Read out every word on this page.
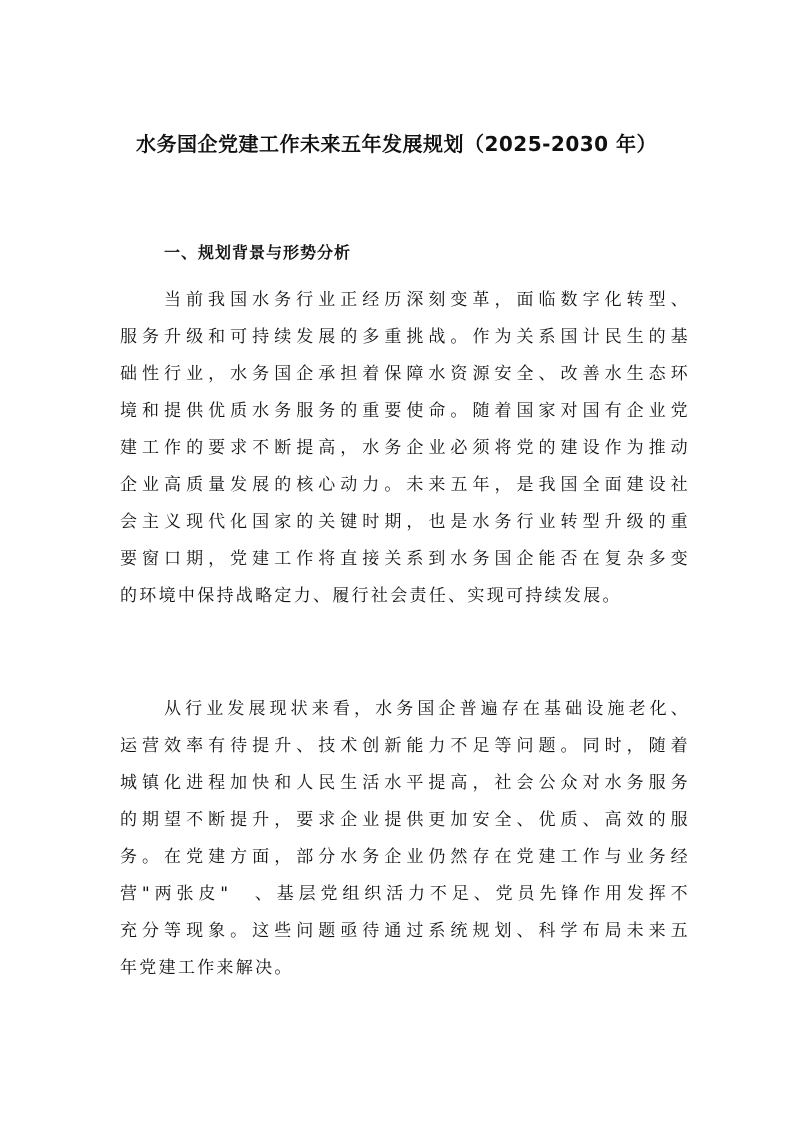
水务国企党建工作未来五年发展规划（2025-2030 年）
一、规划背景与形势分析
当前我国水务行业正经历深刻变革，面临数字化转型、
服务升级和可持续发展的多重挑战。作为关系国计民生的基
础性行业，水务国企承担着保障水资源安全、改善水生态环
境和提供优质水务服务的重要使命。随着国家对国有企业党
建工作的要求不断提高，水务企业必须将党的建设作为推动
企业高质量发展的核心动力。未来五年，是我国全面建设社
会主义现代化国家的关键时期，也是水务行业转型升级的重
要窗口期，党建工作将直接关系到水务国企能否在复杂多变
的环境中保持战略定力、履行社会责任、实现可持续发展。
从行业发展现状来看，水务国企普遍存在基础设施老化、
运营效率有待提升、技术创新能力不足等问题。同时，随着
城镇化进程加快和人民生活水平提高，社会公众对水务服务
的期望不断提升，要求企业提供更加安全、优质、高效的服
务。在党建方面，部分水务企业仍然存在党建工作与业务经
营"两张皮"　、基层党组织活力不足、党员先锋作用发挥不
充分等现象。这些问题亟待通过系统规划、科学布局未来五
年党建工作来解决。
